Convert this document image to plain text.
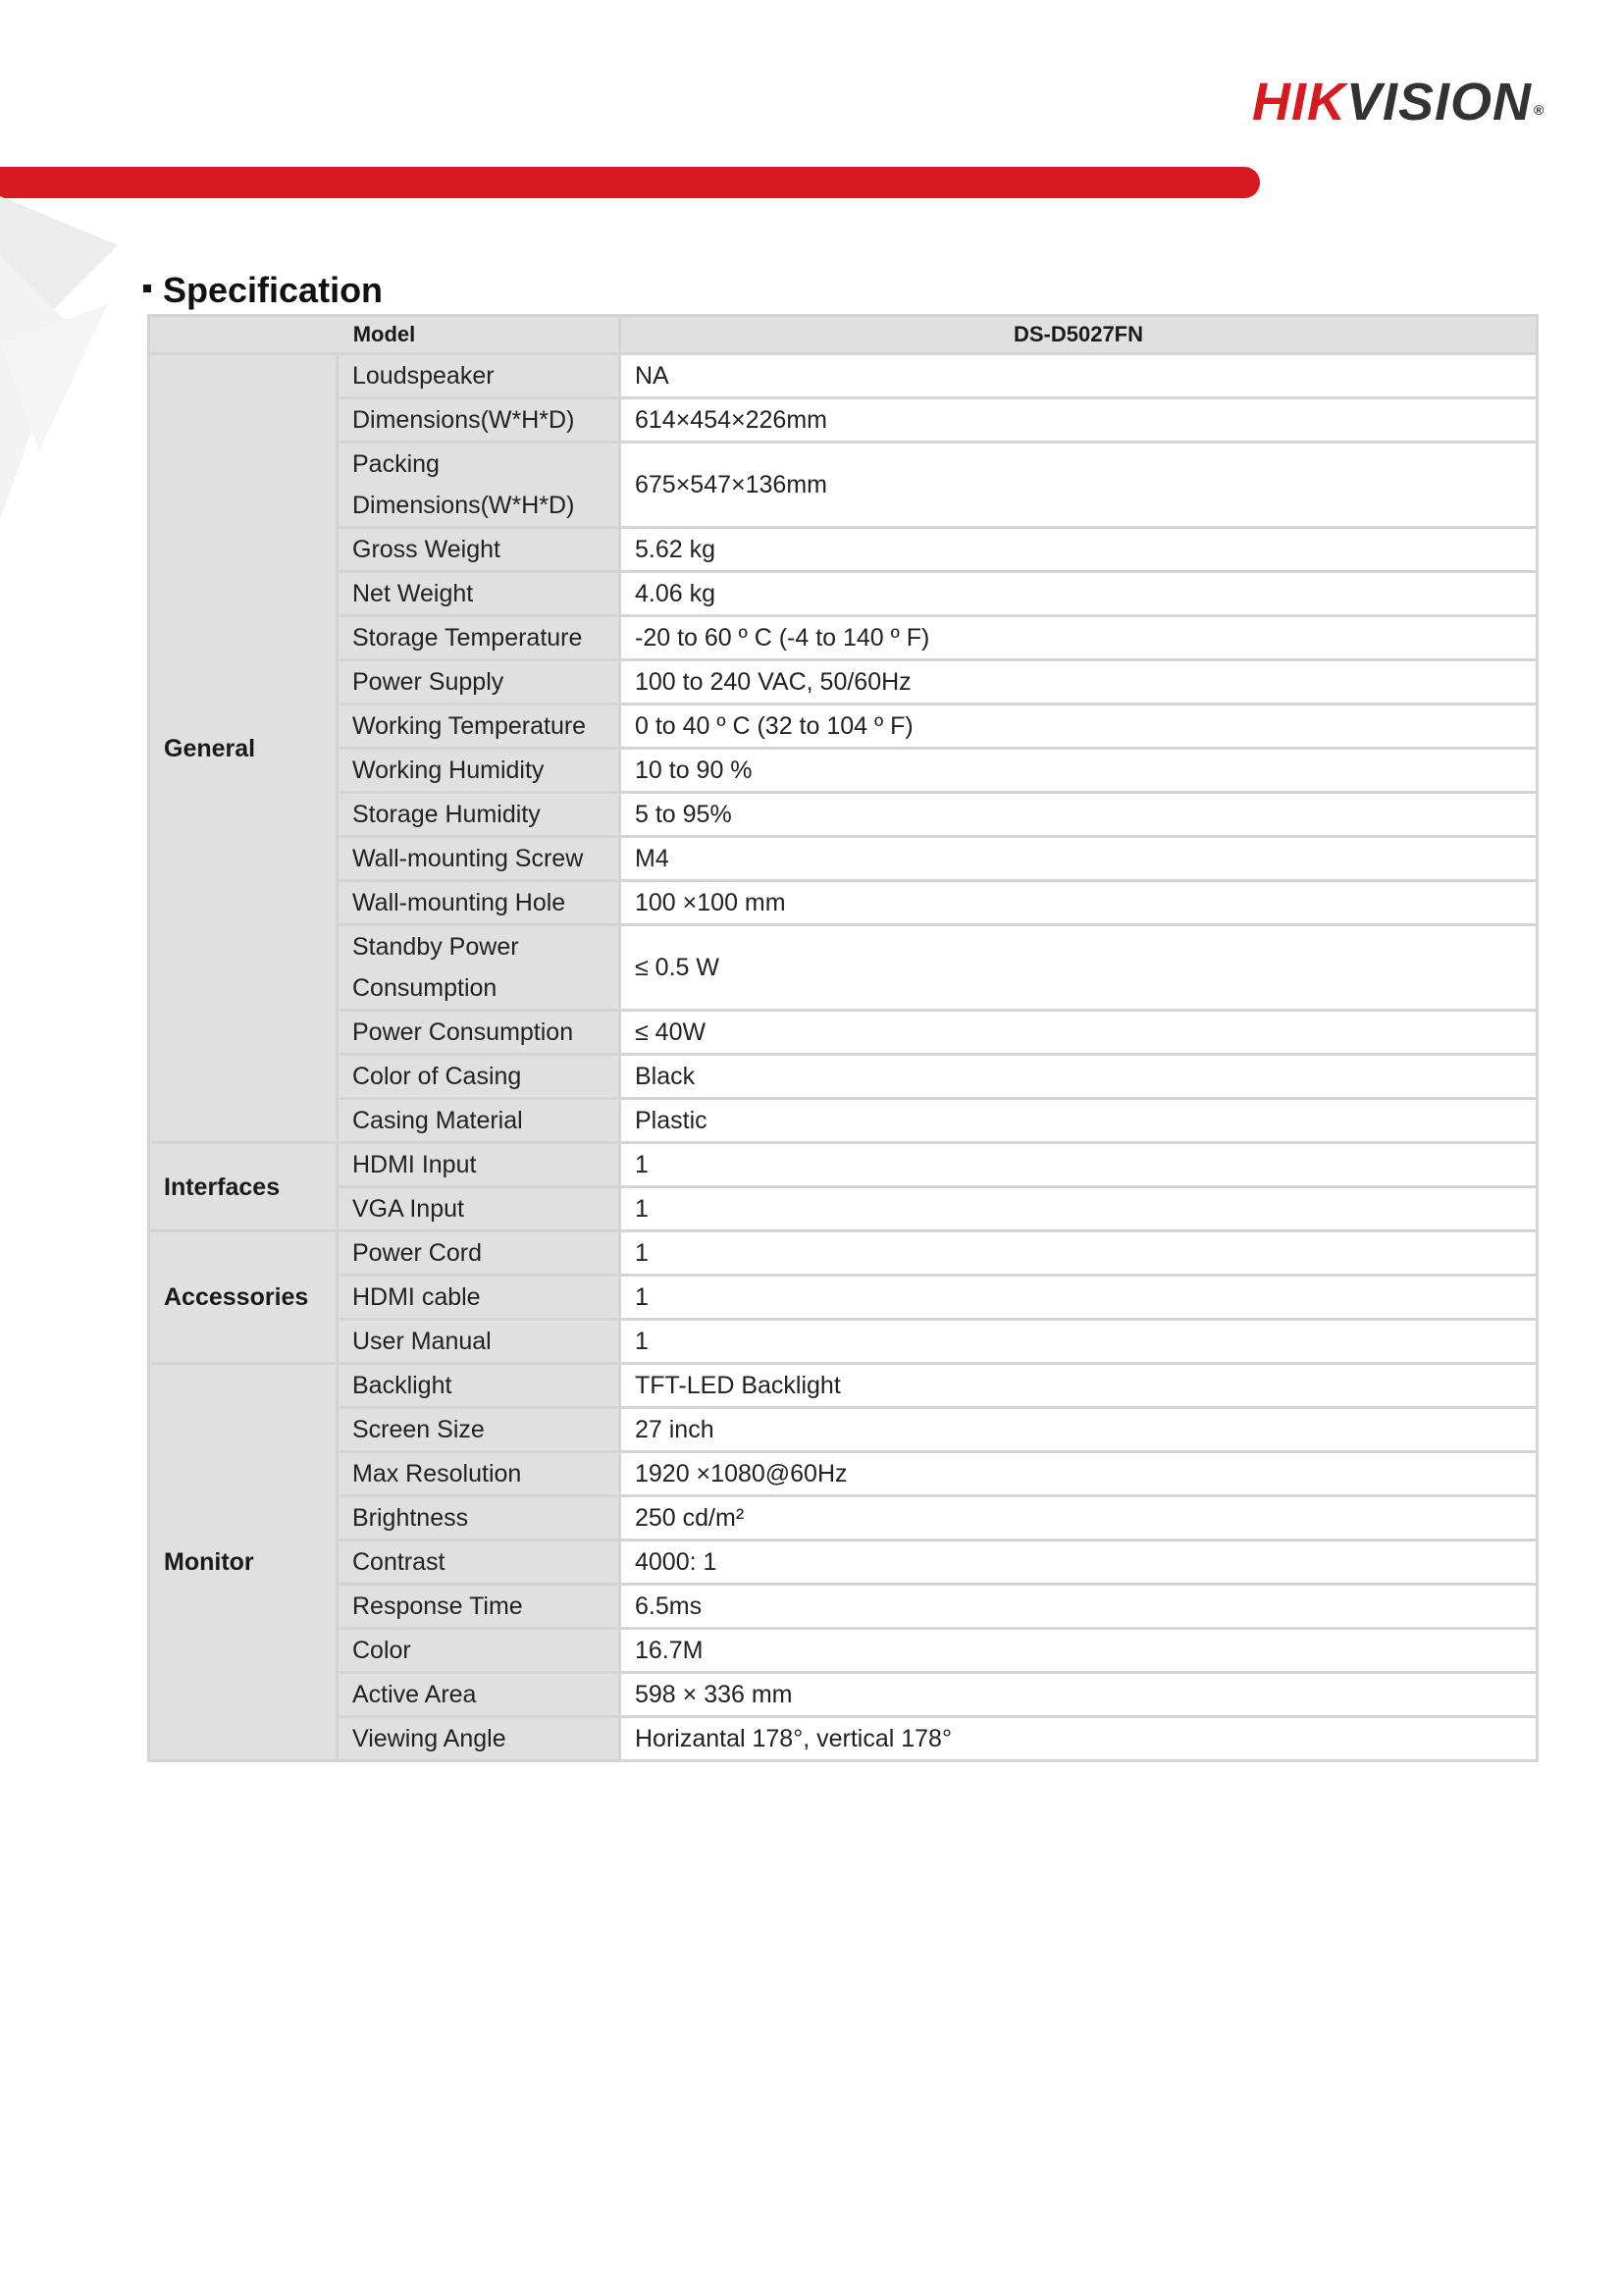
HIKVISION ®
Specification
Model		DS-D5027FN
General	Loudspeaker	NA
	Dimensions(W*H*D)	614×454×226mm
	Packing Dimensions(W*H*D)	675×547×136mm
	Gross Weight	5.62 kg
	Net Weight	4.06 kg
	Storage Temperature	-20 to 60 º C (-4 to 140 º F)
	Power Supply	100 to 240 VAC, 50/60Hz
	Working Temperature	0 to 40 º C (32 to 104 º F)
	Working Humidity	10 to 90 %
	Storage Humidity	5 to 95%
	Wall-mounting Screw	M4
	Wall-mounting Hole	100 ×100 mm
	Standby Power Consumption	≤ 0.5 W
	Power Consumption	≤ 40W
	Color of Casing	Black
	Casing Material	Plastic
Interfaces	HDMI Input	1
	VGA Input	1
Accessories	Power Cord	1
	HDMI cable	1
	User Manual	1
Monitor	Backlight	TFT-LED Backlight
	Screen Size	27 inch
	Max Resolution	1920 ×1080@60Hz
	Brightness	250 cd/m²
	Contrast	4000: 1
	Response Time	6.5ms
	Color	16.7M
	Active Area	598 × 336 mm
	Viewing Angle	Horizantal 178°, vertical 178°
